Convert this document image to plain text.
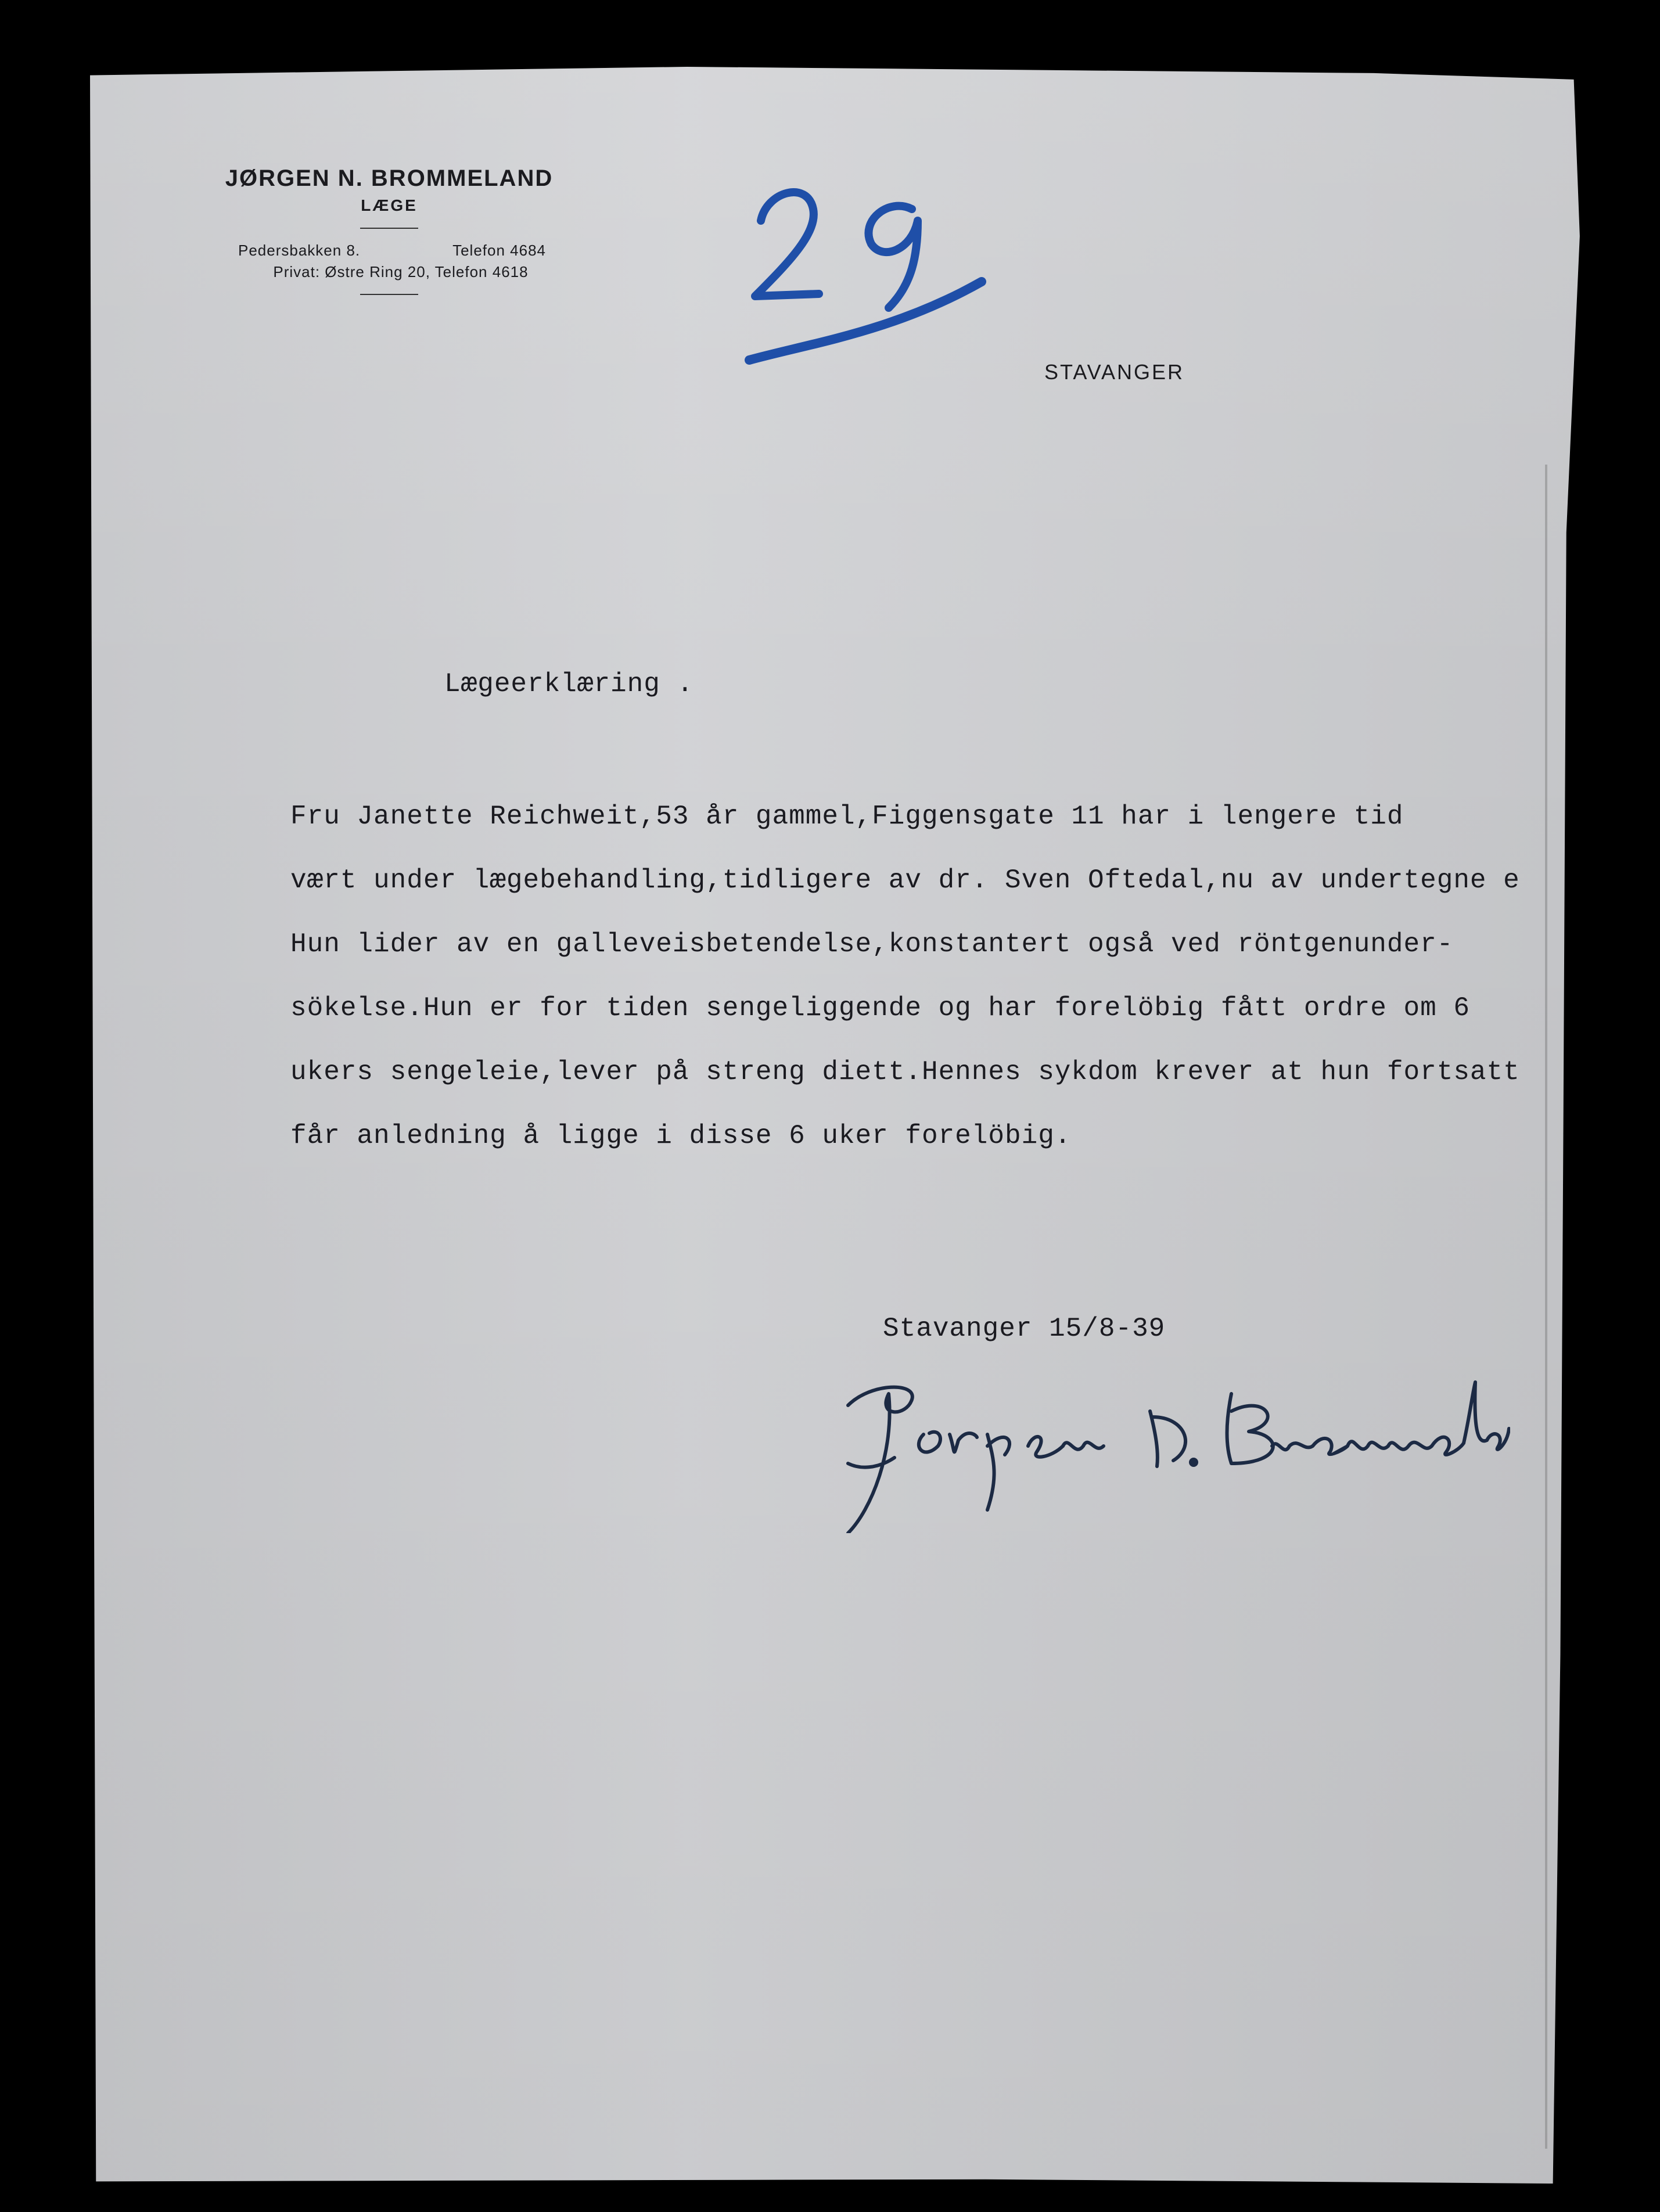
JØRGEN N. BROMMELAND
LÆGE
Pedersbakken 8.	Telefon 4684
Privat: Østre Ring 20, Telefon 4618
STAVANGER
Lægeerklæring .
Fru Janette Reichweit,53 år gammel,Figgensgate 11 har i lengere tid
vært under lægebehandling,tidligere av dr. Sven Oftedal,nu av undertegne e
Hun lider av en galleveisbetendelse,konstantert også ved röntgenunder-
sökelse.Hun er for tiden sengeliggende og har forelöbig fått ordre om 6
ukers sengeleie,lever på streng diett.Hennes sykdom krever at hun fortsatt
får anledning å ligge i disse 6 uker forelöbig.
Stavanger 15/8-39
